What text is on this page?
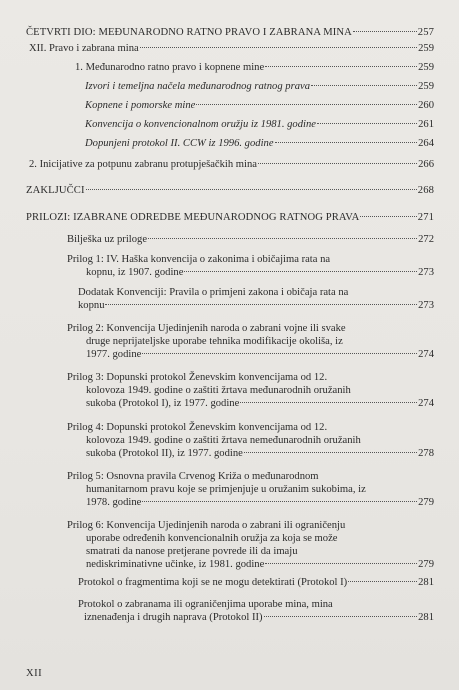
ČETVRTI DIO: MEĐUNARODNO RATNO PRAVO I ZABRANA MINA	257
XII. Pravo i zabrana mina	259
1. Međunarodno ratno pravo i kopnene mine	259
Izvori i temeljna načela međunarodnog ratnog prava	259
Kopnene i pomorske mine	260
Konvencija o konvencionalnom oružju iz 1981. godine	261
Dopunjeni protokol II. CCW iz 1996. godine	264
2. Inicijative za potpunu zabranu protupješačkih mina	266
ZAKLJUČCI	268
PRILOZI: IZABRANE ODREDBE MEĐUNARODNOG RATNOG PRAVA	271
Bilješka uz priloge	272
Prilog 1: IV. Haška konvencija o zakonima i običajima rata na
kopnu, iz 1907. godine	273
Dodatak Konvenciji: Pravila o primjeni zakona i običaja rata na
kopnu	273
Prilog 2: Konvencija Ujedinjenih naroda o zabrani vojne ili svake
druge neprijateljske uporabe tehnika modifikacije okoliša, iz
1977. godine	274
Prilog 3: Dopunski protokol Ženevskim konvencijama od 12.
kolovoza 1949. godine o zaštiti žrtava međunarodnih oružanih
sukoba (Protokol I), iz 1977. godine	274
Prilog 4: Dopunski protokol Ženevskim konvencijama od 12.
kolovoza 1949. godine o zaštiti žrtava nemeđunarodnih oružanih
sukoba (Protokol II), iz 1977. godine	278
Prilog 5: Osnovna pravila Crvenog Križa o međunarodnom
humanitarnom pravu koje se primjenjuje u oružanim sukobima, iz
1978. godine	279
Prilog 6: Konvencija Ujedinjenih naroda o zabrani ili ograničenju
uporabe određenih konvencionalnih oružja za koja se može
smatrati da nanose pretjerane povrede ili da imaju
nediskriminativne učinke, iz 1981. godine	279
Protokol o fragmentima koji se ne mogu detektirati (Protokol I)	281
Protokol o zabranama ili ograničenjima uporabe mina, mina
iznenađenja i drugih naprava (Protokol II)	281
XII
